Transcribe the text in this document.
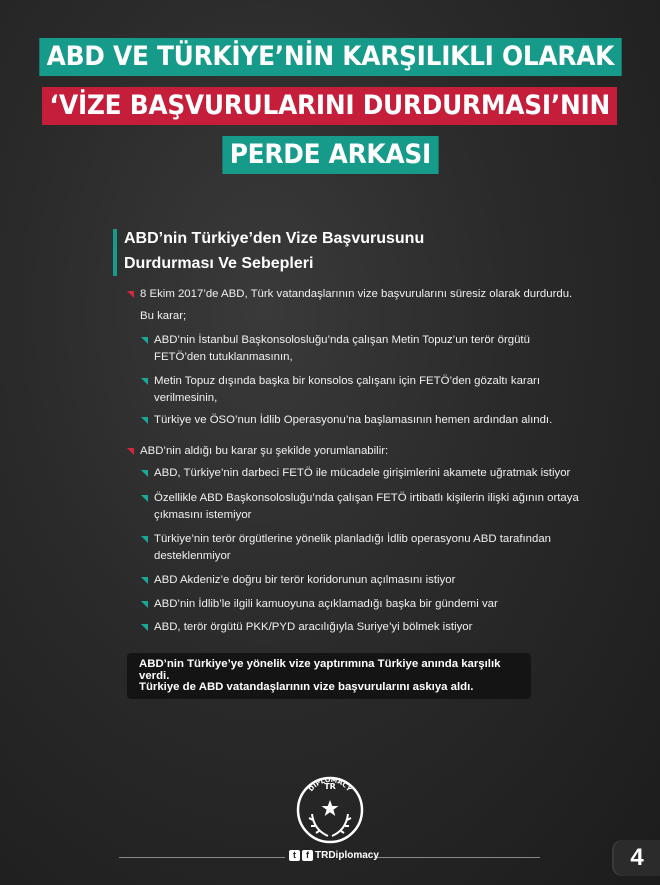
ABD VE TÜRKİYE’NİN KARŞILIKLI OLARAK
‘VİZE BAŞVURULARINI DURDURMASI’NIN
PERDE ARKASI
ABD’nin Türkiye’den Vize Başvurusunu
Durdurması Ve Sebepleri
8 Ekim 2017’de ABD, Türk vatandaşlarının vize başvurularını süresiz olarak durdurdu.
Bu karar;
ABD’nin İstanbul Başkonsolosluğu’nda çalışan Metin Topuz’un terör örgütü
FETÖ’den tutuklanmasının,
Metin Topuz dışında başka bir konsolos çalışanı için FETÖ’den gözaltı kararı
verilmesinin,
Türkiye ve ÖSO’nun İdlib Operasyonu’na başlamasının hemen ardından alındı.
ABD’nin aldığı bu karar şu şekilde yorumlanabilir:
ABD, Türkiye’nin darbeci FETÖ ile mücadele girişimlerini akamete uğratmak istiyor
Özellikle ABD Başkonsolosluğu’nda çalışan FETÖ irtibatlı kişilerin ilişki ağının ortaya
çıkmasını istemiyor
Türkiye’nin terör örgütlerine yönelik planladığı İdlib operasyonu ABD tarafından
desteklenmiyor
ABD Akdeniz’e doğru bir terör koridorunun açılmasını istiyor
ABD’nin İdlib’le ilgili kamuoyuna açıklamadığı başka bir gündemi var
ABD, terör örgütü PKK/PYD aracılığıyla Suriye’yi bölmek istiyor
ABD’nin Türkiye’ye yönelik vize yaptırımına Türkiye anında karşılık verdi.
Türkiye de ABD vatandaşlarının vize başvurularını askıya aldı.
TR
DIPLOMACY
t f TRDiplomacy	4
